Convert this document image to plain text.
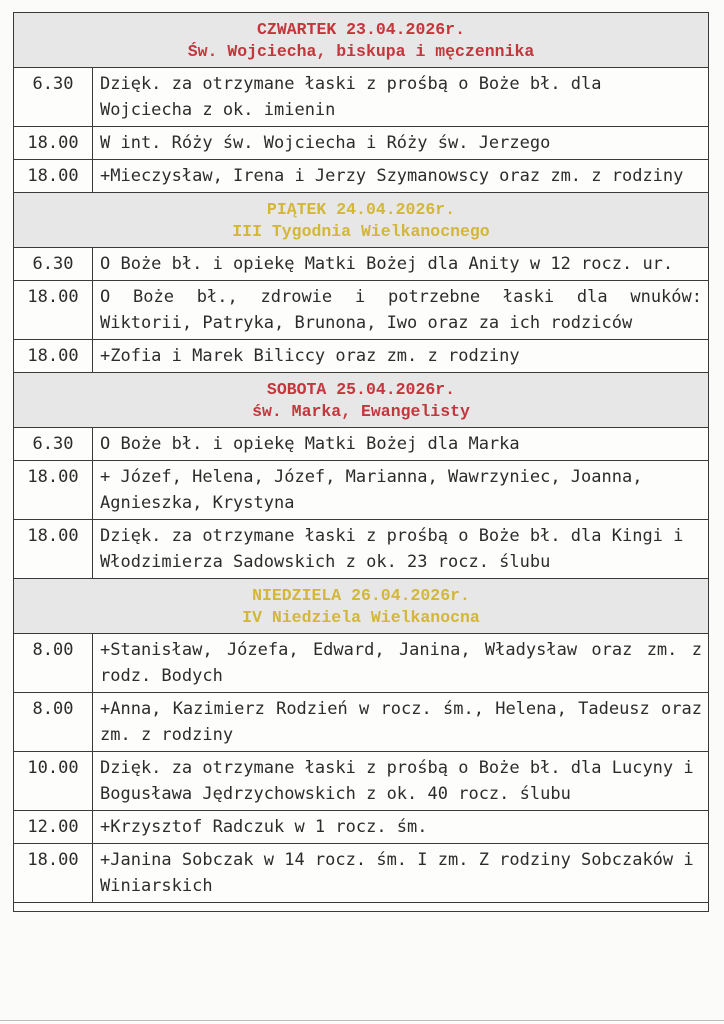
CZWARTEK 23.04.2026r.
Św. Wojciecha, biskupa i męczennika
6.30	Dzięk. za otrzymane łaski z prośbą o Boże bł. dla Wojciecha z ok. imienin
18.00	W int. Róży św. Wojciecha i Róży św. Jerzego
18.00	+Mieczysław, Irena i Jerzy Szymanowscy oraz zm. z rodziny
PIĄTEK 24.04.2026r.
III Tygodnia Wielkanocnego
6.30	O Boże bł. i opiekę Matki Bożej dla Anity w 12 rocz. ur.
18.00	O Boże bł., zdrowie i potrzebne łaski dla wnuków: Wiktorii, Patryka, Brunona, Iwo oraz za ich rodziców
18.00	+Zofia i Marek Biliccy oraz zm. z rodziny
SOBOTA 25.04.2026r.
św. Marka, Ewangelisty
6.30	O Boże bł. i opiekę Matki Bożej dla Marka
18.00	+ Józef, Helena, Józef, Marianna, Wawrzyniec, Joanna, Agnieszka, Krystyna
18.00	Dzięk. za otrzymane łaski z prośbą o Boże bł. dla Kingi i Włodzimierza Sadowskich z ok. 23 rocz. ślubu
NIEDZIELA 26.04.2026r.
IV Niedziela Wielkanocna
8.00	+Stanisław, Józefa, Edward, Janina, Władysław oraz zm. z rodz. Bodych
8.00	+Anna, Kazimierz Rodzień w rocz. śm., Helena, Tadeusz oraz zm. z rodziny
10.00	Dzięk. za otrzymane łaski z prośbą o Boże bł. dla Lucyny i Bogusława Jędrzychowskich z ok. 40 rocz. ślubu
12.00	+Krzysztof Radczuk w 1 rocz. śm.
18.00	+Janina Sobczak w 14 rocz. śm. I zm. Z rodziny Sobczaków i Winiarskich
